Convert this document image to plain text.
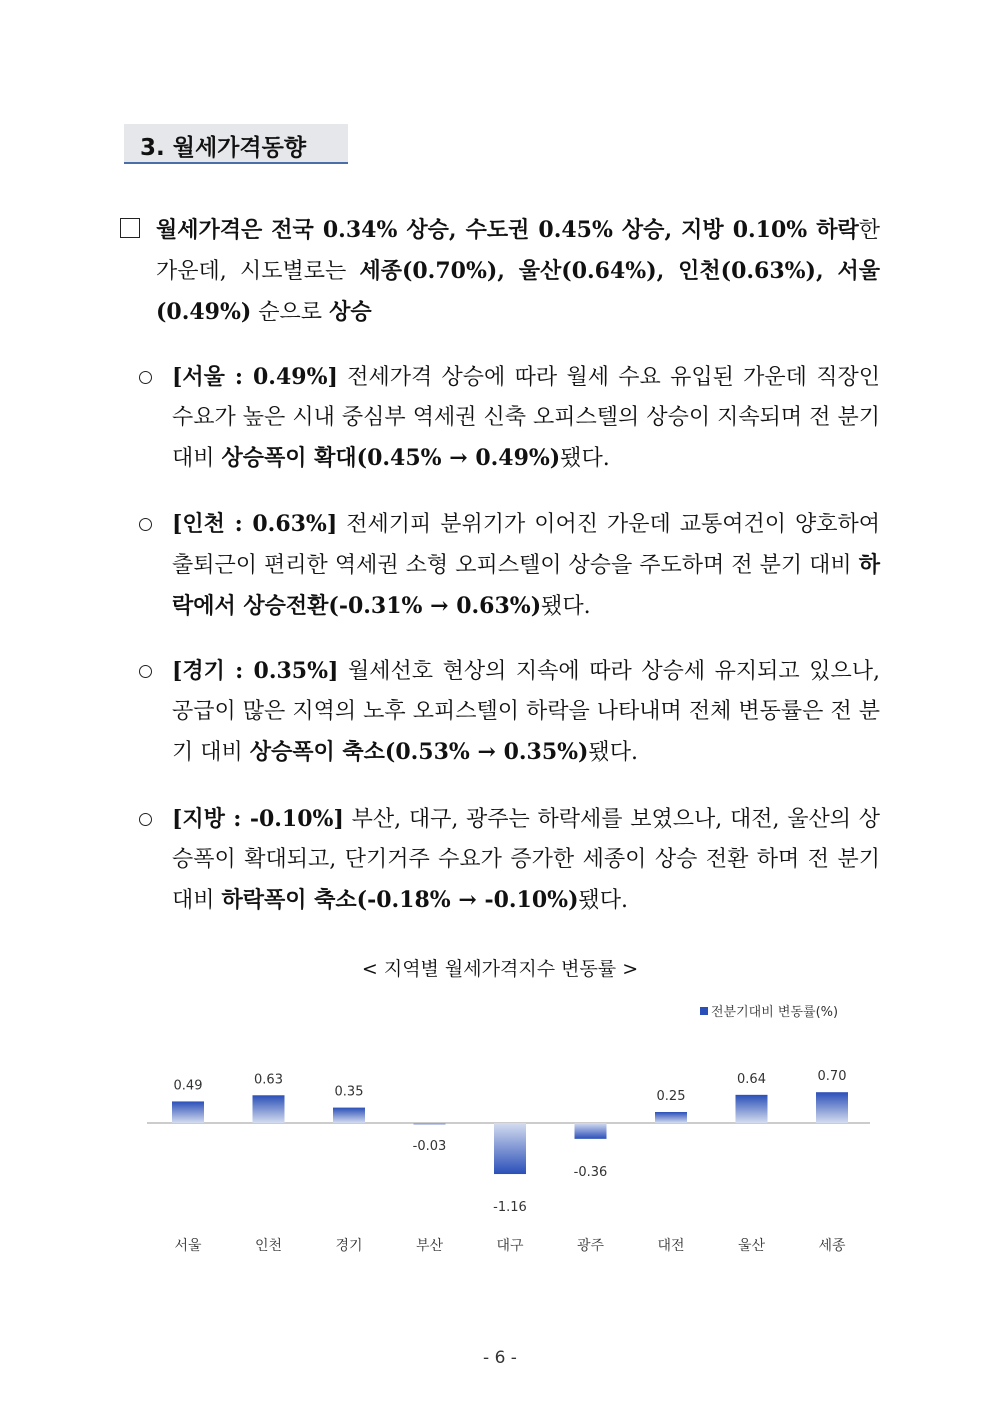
3. 월세가격동향
월세가격은 전국 0.34% 상승, 수도권 0.45% 상승, 지방 0.10% 하락한 가운데, 시도별로는 세종(0.70%), 울산(0.64%), 인천(0.63%), 서울(0.49%) 순으로 상승
[서울 : 0.49%] 전세가격 상승에 따라 월세 수요 유입된 가운데 직장인 수요가 높은 시내 중심부 역세권 신축 오피스텔의 상승이 지속되며 전 분기 대비 상승폭이 확대(0.45% → 0.49%)됐다.
[인천 : 0.63%] 전세기피 분위기가 이어진 가운데 교통여건이 양호하여 출퇴근이 편리한 역세권 소형 오피스텔이 상승을 주도하며 전 분기 대비 하락에서 상승전환(-0.31% → 0.63%)됐다.
[경기 : 0.35%] 월세선호 현상의 지속에 따라 상승세 유지되고 있으나, 공급이 많은 지역의 노후 오피스텔이 하락을 나타내며 전체 변동률은 전 분기 대비 상승폭이 축소(0.53% → 0.35%)됐다.
[지방 : -0.10%] 부산, 대구, 광주는 하락세를 보였으나, 대전, 울산의 상승폭이 확대되고, 단기거주 수요가 증가한 세종이 상승 전환 하며 전 분기 대비 하락폭이 축소(-0.18% → -0.10%)됐다.
< 지역별 월세가격지수 변동률 >
전분기대비 변동률(%)
0.49
서울
0.63
인천
0.35
경기
-0.03
부산
-1.16
대구
-0.36
광주
0.25
대전
0.64
울산
0.70
세종
- 6 -
